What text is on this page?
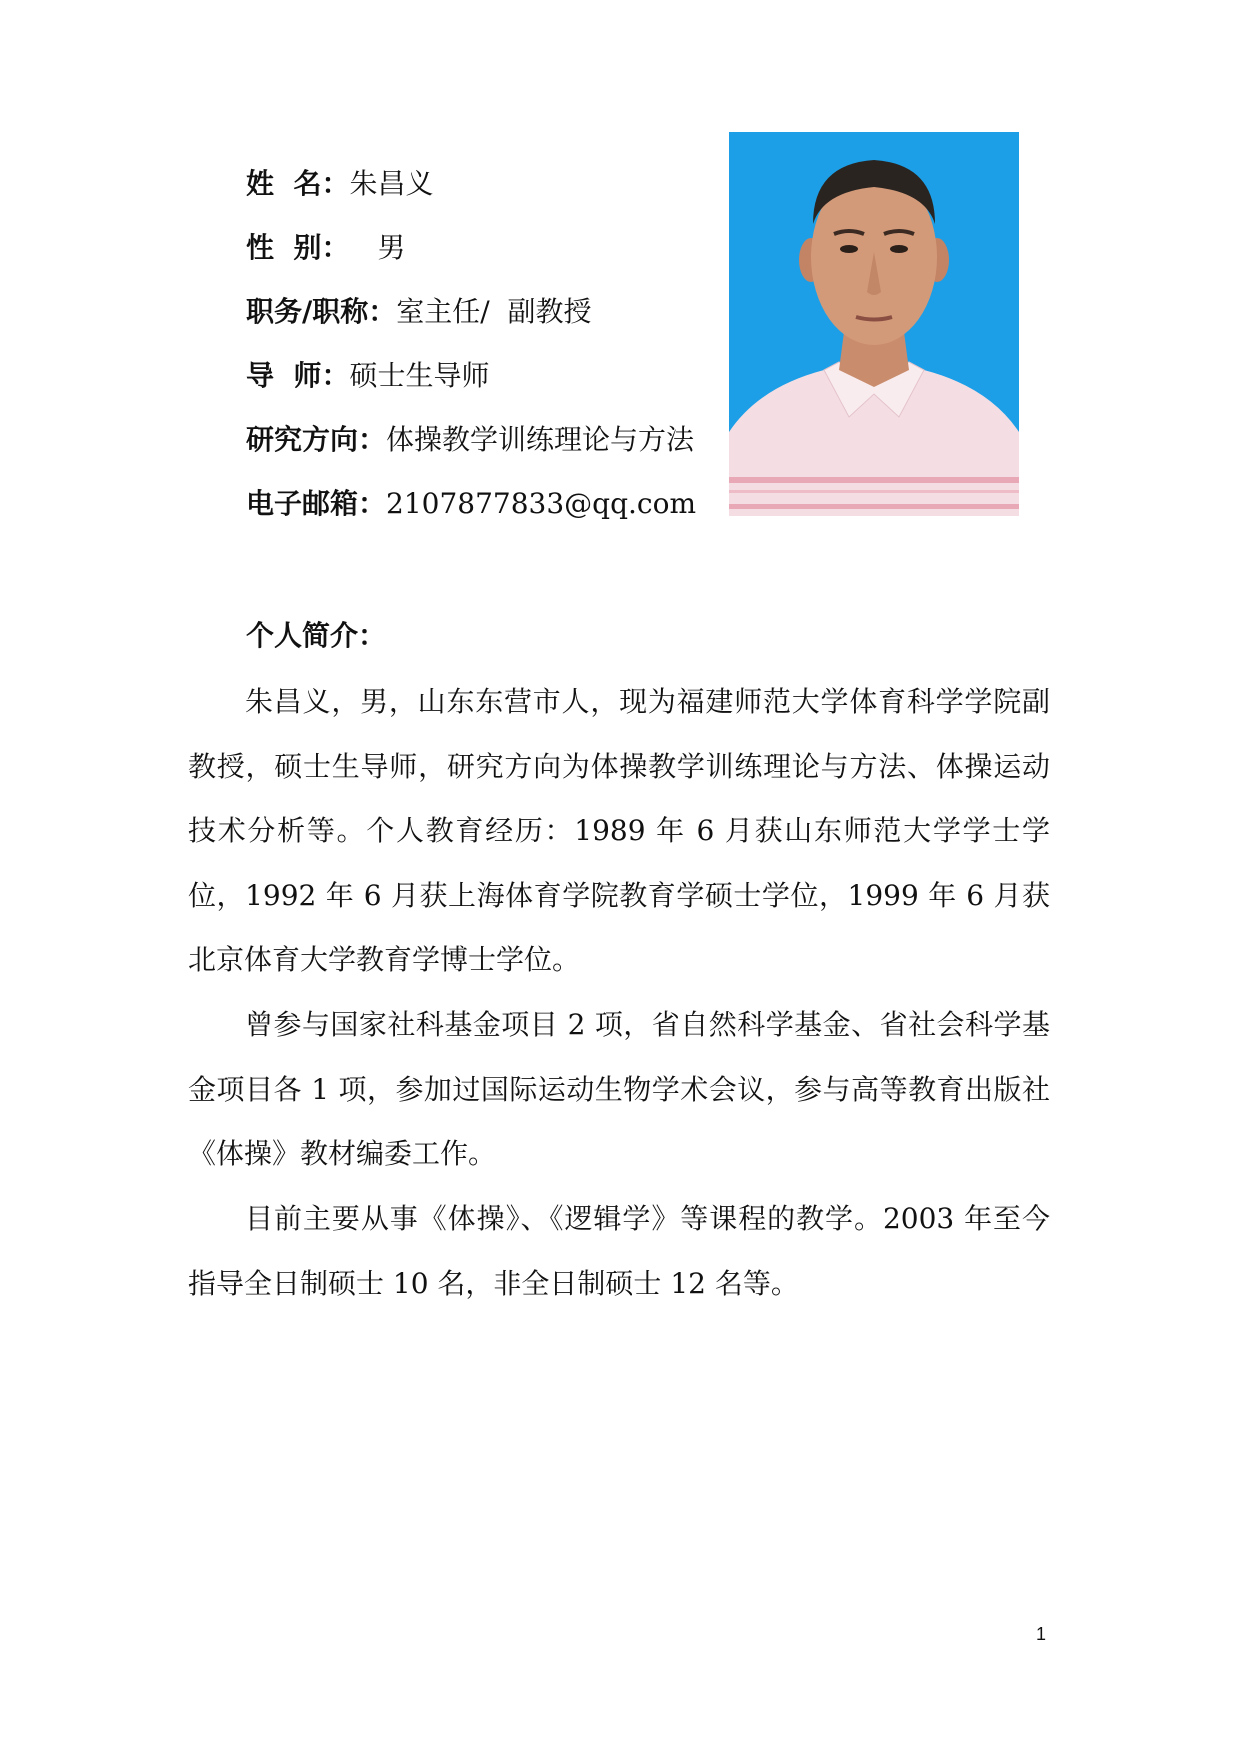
姓  名：朱昌义
性  别： 男
职务/职称：室主任/  副教授
导  师：硕士生导师
研究方向：体操教学训练理论与方法
电子邮箱：2107877833@qq.com
个人简介：

朱昌义，男，山东东营市人，现为福建师范大学体育科学学院副教授，硕士生导师，研究方向为体操教学训练理论与方法、体操运动技术分析等。个人教育经历：1989 年 6 月获山东师范大学学士学位，1992 年 6 月获上海体育学院教育学硕士学位，1999 年 6 月获北京体育大学教育学博士学位。

曾参与国家社科基金项目 2 项，省自然科学基金、省社会科学基金项目各 1 项，参加过国际运动生物学术会议，参与高等教育出版社《体操》教材编委工作。

目前主要从事《体操》、《逻辑学》等课程的教学。2003 年至今指导全日制硕士 10 名，非全日制硕士 12 名等。

1
